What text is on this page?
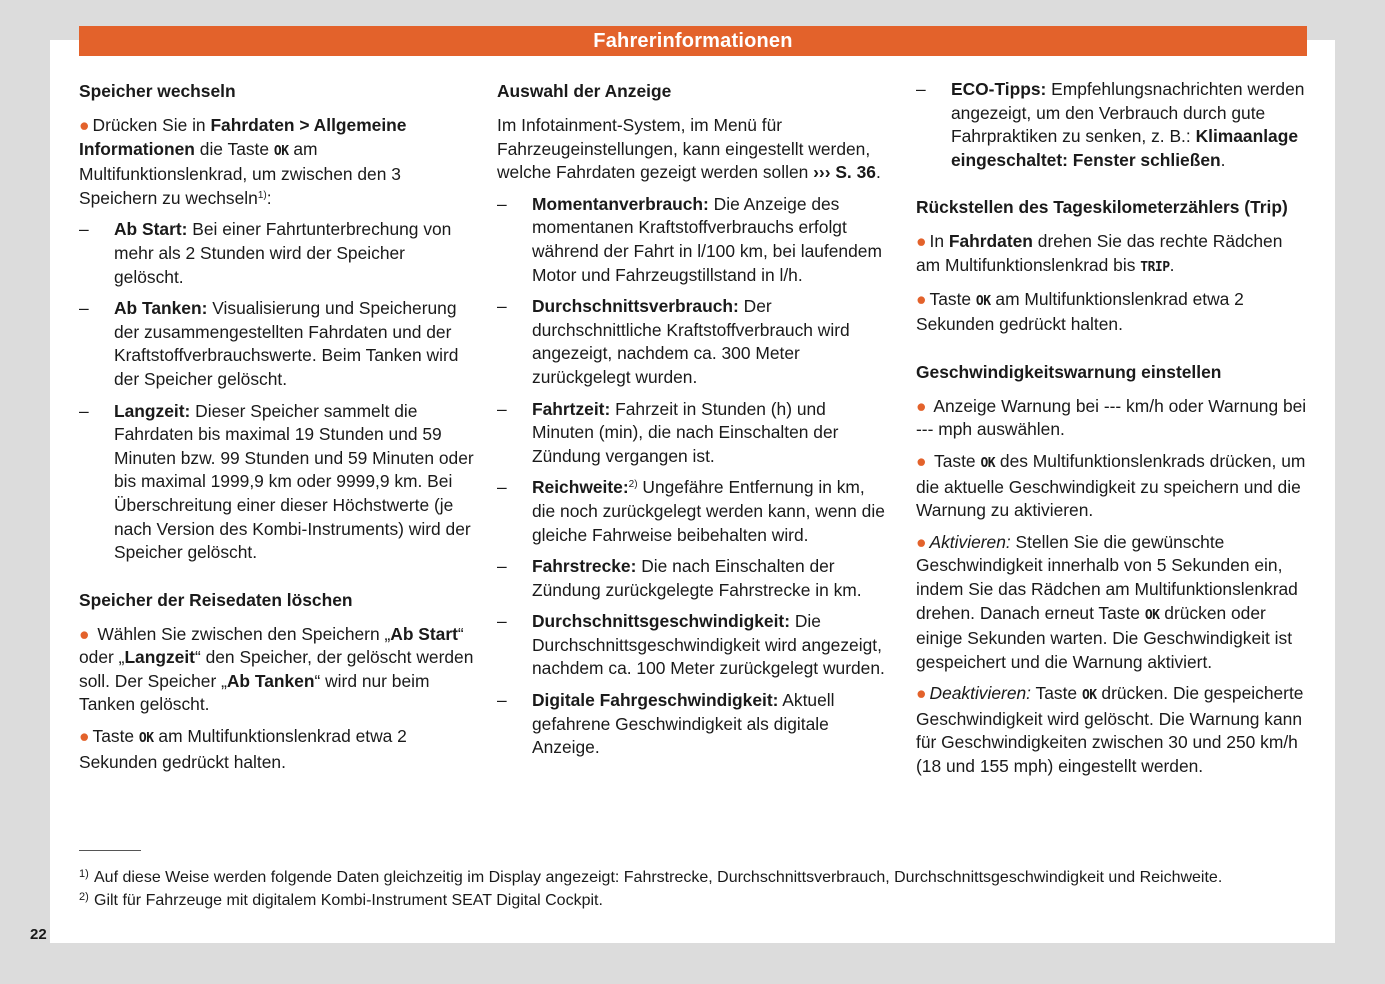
Fahrerinformationen
Speicher wechseln

● Drücken Sie in Fahrdaten > Allgemeine Informationen die Taste OK am Multifunktionslenkrad, um zwischen den 3 Speichern zu wechseln$^{1)}$:

–	Ab Start: Bei einer Fahrtunterbrechung von mehr als 2 Stunden wird der Speicher gelöscht.
–	Ab Tanken: Visualisierung und Speicherung der zusammengestellten Fahrdaten und der Kraftstoffverbrauchswerte. Beim Tanken wird der Speicher gelöscht.
–	Langzeit: Dieser Speicher sammelt die Fahrdaten bis maximal 19 Stunden und 59 Minuten bzw. 99 Stunden und 59 Minuten oder bis maximal 1999,9 km oder 9999,9 km. Bei Überschreitung einer dieser Höchstwerte (je nach Version des Kombi-Instruments) wird der Speicher gelöscht.
Speicher der Reisedaten löschen

● Wählen Sie zwischen den Speichern „Ab Start“ oder „Langzeit“ den Speicher, der gelöscht werden soll. Der Speicher „Ab Tanken“ wird nur beim Tanken gelöscht.

● Taste OK am Multifunktionslenkrad etwa 2 Sekunden gedrückt halten.

Auswahl der Anzeige

Im Infotainment-System, im Menü für Fahrzeugeinstellungen, kann eingestellt werden, welche Fahrdaten gezeigt werden sollen ››› S. 36.

–	Momentanverbrauch: Die Anzeige des momentanen Kraftstoffverbrauchs erfolgt während der Fahrt in l/100 km, bei laufendem Motor und Fahrzeugstillstand in l/h.
–	Durchschnittsverbrauch: Der durchschnittliche Kraftstoffverbrauch wird angezeigt, nachdem ca. 300 Meter zurückgelegt wurden.
–	Fahrtzeit: Fahrzeit in Stunden (h) und Minuten (min), die nach Einschalten der Zündung vergangen ist.
–	Reichweite:$^{2)}$ Ungefähre Entfernung in km, die noch zurückgelegt werden kann, wenn die gleiche Fahrweise beibehalten wird.
–	Fahrstrecke: Die nach Einschalten der Zündung zurückgelegte Fahrstrecke in km.
–	Durchschnittsgeschwindigkeit: Die Durchschnittsgeschwindigkeit wird angezeigt, nachdem ca. 100 Meter zurückgelegt wurden.
–	Digitale Fahrgeschwindigkeit: Aktuell gefahrene Geschwindigkeit als digitale Anzeige.
–	ECO-Tipps: Empfehlungsnachrichten werden angezeigt, um den Verbrauch durch gute Fahrpraktiken zu senken, z. B.: Klimaanlage eingeschaltet: Fenster schließen.
Rückstellen des Tageskilometerzählers (Trip)

● In Fahrdaten drehen Sie das rechte Rädchen am Multifunktionslenkrad bis TRIP.

● Taste OK am Multifunktionslenkrad etwa 2 Sekunden gedrückt halten.

Geschwindigkeitswarnung einstellen

● Anzeige Warnung bei --- km/h oder Warnung bei --- mph auswählen.

● Taste OK des Multifunktionslenkrads drücken, um die aktuelle Geschwindigkeit zu speichern und die Warnung zu aktivieren.

● Aktivieren: Stellen Sie die gewünschte Geschwindigkeit innerhalb von 5 Sekunden ein, indem Sie das Rädchen am Multifunktionslenkrad drehen. Danach erneut Taste OK drücken oder einige Sekunden warten. Die Geschwindigkeit ist gespeichert und die Warnung aktiviert.

● Deaktivieren: Taste OK drücken. Die gespeicherte Geschwindigkeit wird gelöscht. Die Warnung kann für Geschwindigkeiten zwischen 30 und 250 km/h (18 und 155 mph) eingestellt werden.

1) Auf diese Weise werden folgende Daten gleichzeitig im Display angezeigt: Fahrstrecke, Durchschnittsverbrauch, Durchschnittsgeschwindigkeit und Reichweite.
2) Gilt für Fahrzeuge mit digitalem Kombi-Instrument SEAT Digital Cockpit.
22
